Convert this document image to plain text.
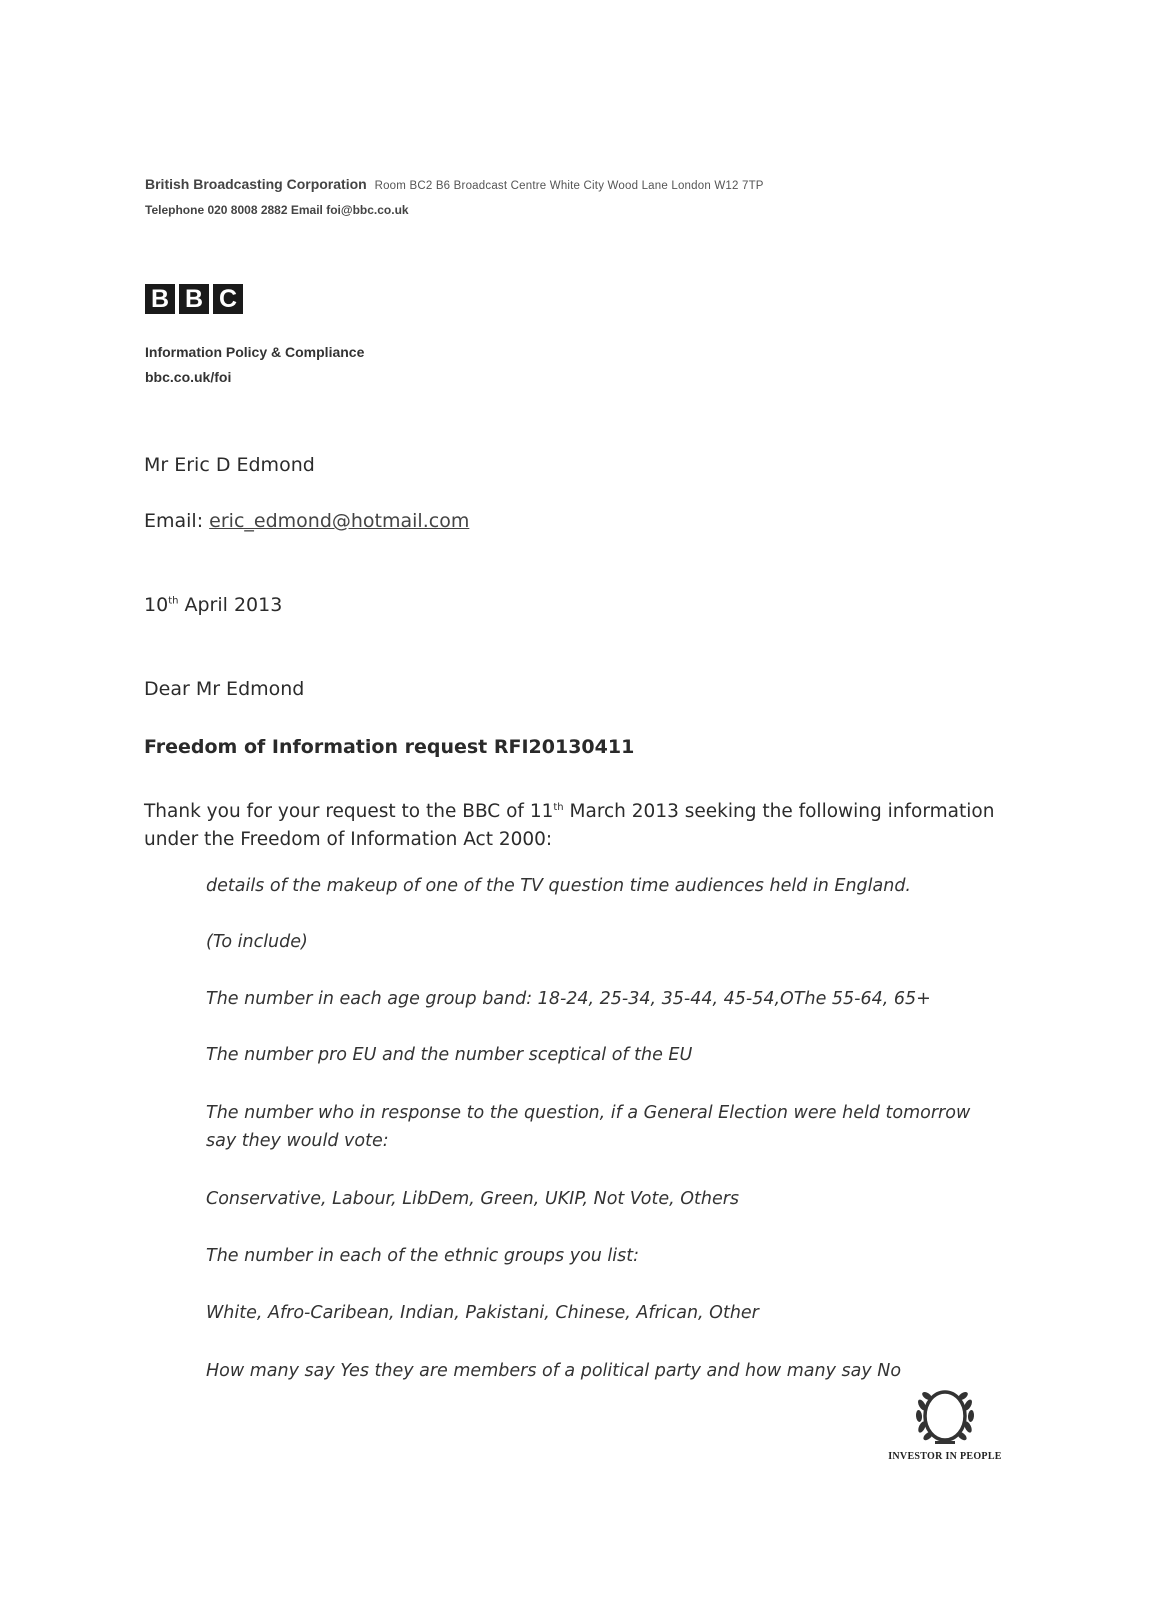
British Broadcasting Corporation Room BC2 B6 Broadcast Centre White City Wood Lane London W12 7TP
Telephone 020 8008 2882 Email foi@bbc.co.uk
B B C
Information Policy & Compliance
bbc.co.uk/foi
Mr Eric D Edmond
Email: eric_edmond@hotmail.com
10th April 2013
Dear Mr Edmond
Freedom of Information request RFI20130411
Thank you for your request to the BBC of 11th March 2013 seeking the following information under the Freedom of Information Act 2000:
details of the makeup of one of the TV question time audiences held in England.
(To include)
The number in each age group band: 18-24, 25-34, 35-44, 45-54,OThe 55-64, 65+
The number pro EU and the number sceptical of the EU
The number who in response to the question, if a General Election were held tomorrow say they would vote:
Conservative, Labour, LibDem, Green, UKIP, Not Vote, Others
The number in each of the ethnic groups you list:
White, Afro-Caribean, Indian, Pakistani, Chinese, African, Other
How many say Yes they are members of a political party and how many say No
INVESTOR IN PEOPLE
